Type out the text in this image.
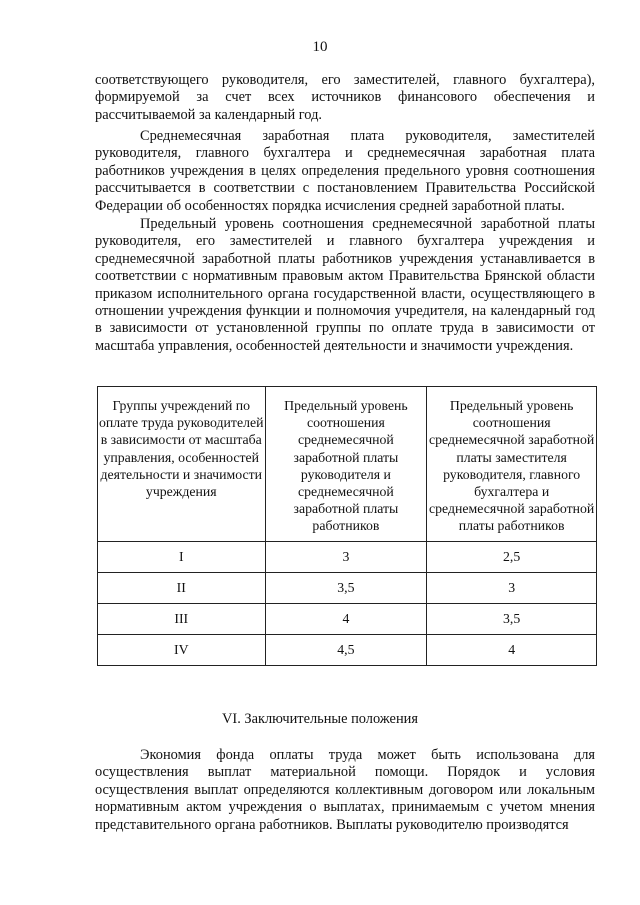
10

соответствующего руководителя, его заместителей, главного бухгалтера), формируемой за счет всех источников финансового обеспечения и рассчитываемой за календарный год.

Среднемесячная заработная плата руководителя, заместителей руководителя, главного бухгалтера и среднемесячная заработная плата работников учреждения в целях определения предельного уровня соотношения рассчитывается в соответствии с постановлением Правительства Российской Федерации об особенностях порядка исчисления средней заработной платы.

Предельный уровень соотношения среднемесячной заработной платы руководителя, его заместителей и главного бухгалтера учреждения и среднемесячной заработной платы работников учреждения устанавливается в соответствии с нормативным правовым актом Правительства Брянской области приказом исполнительного органа государственной власти, осуществляющего в отношении учреждения функции и полномочия учредителя, на календарный год в зависимости от установленной группы по оплате труда в зависимости от масштаба управления, особенностей деятельности и значимости учреждения.

Группы учреждений по оплате труда руководителей в зависимости от масштаба управления, особенностей деятельности и значимости учреждения	Предельный уровень соотношения среднемесячной заработной платы руководителя и среднемесячной заработной платы работников	Предельный уровень соотношения среднемесячной заработной платы заместителя руководителя, главного бухгалтера и среднемесячной заработной платы работников
I	3	2,5
II	3,5	3
III	4	3,5
IV	4,5	4
VI. Заключительные положения

Экономия фонда оплаты труда может быть использована для осуществления выплат материальной помощи. Порядок и условия осуществления выплат определяются коллективным договором или локальным нормативным актом учреждения о выплатах, принимаемым с учетом мнения представительного органа работников. Выплаты руководителю производятся
